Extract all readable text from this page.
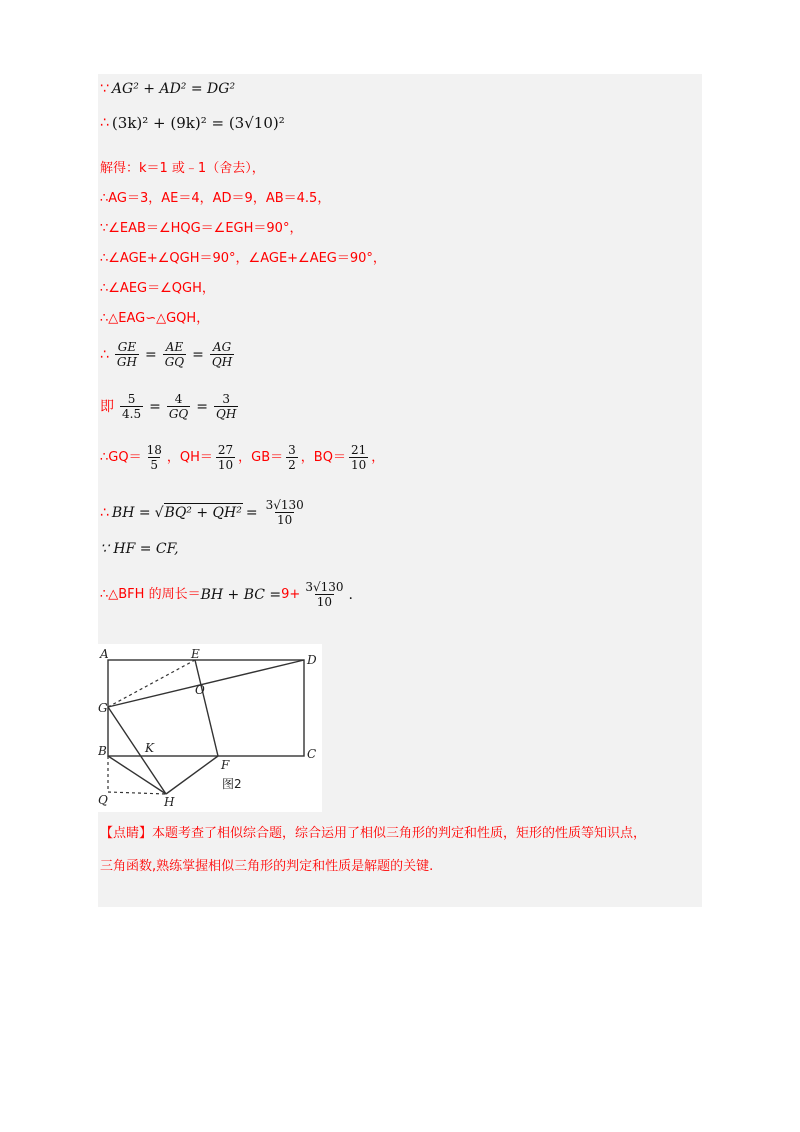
∵ AG² + AD² = DG²
∴ (3k)² + (9k)² = (3√10)²
解得：k＝1 或﹣1（舍去），
∴AG＝3，AE＝4，AD＝9，AB＝4.5，
∵∠EAB＝∠HQG＝∠EGH＝90°，
∴∠AGE+∠QGH＝90°，∠AGE+∠AEG＝90°，
∴∠AEG＝∠QGH，
∴△EAG∽△GQH，
∴ $\frac{GE}{GH} = \frac{AE}{GQ} = \frac{AG}{QH}$
即 $\frac{5}{4.5} = \frac{4}{GQ} = \frac{3}{QH}$
∴GQ＝ $\frac{18}{5}$ ，$QH= \frac{27}{10}$ ，$GB= \frac{3}{2}$ ，$BQ= \frac{21}{10}$ ，
∴ BH = √ $BQ^2 + QH^2 = \frac{3√130}{10}$
∵ HF = CF,
∴△BFH 的周长＝ BH + BC = $9+ \frac{3√130}{10}$ .
A	E	D
O
G
B	K
F
C
Q	H
图2
【点睛】本题考查了相似综合题，综合运用了相似三角形的判定和性质，矩形的性质等知识点，
三角函数,熟练掌握相似三角形的判定和性质是解题的关键.
